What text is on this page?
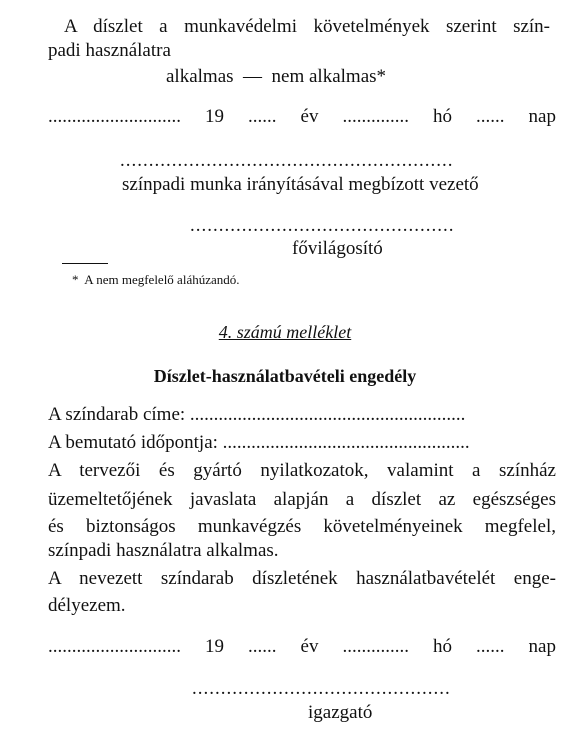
A díszlet a munkavédelmi követelmények szerint szín-
padi használatra
alkalmas  —  nem alkalmas*
............................ 19 ...... év .............. hó ...... nap
..........................................................
színpadi munka irányításával megbízott vezető
..............................................
fővilágosító
*  A nem megfelelő aláhúzandó.
4. számú melléklet
Díszlet-használatbavételi engedély
A színdarab címe: ..........................................................
A bemutató időpontja: ....................................................
A tervezői és gyártó nyilatkozatok, valamint a színház
üzemeltetőjének javaslata alapján a díszlet az egészséges
és biztonságos munkavégzés követelményeinek megfelel,
színpadi használatra alkalmas.
A nevezett színdarab díszletének használatbavételét enge-
délyezem.
............................ 19 ...... év .............. hó ...... nap
.............................................
igazgató
